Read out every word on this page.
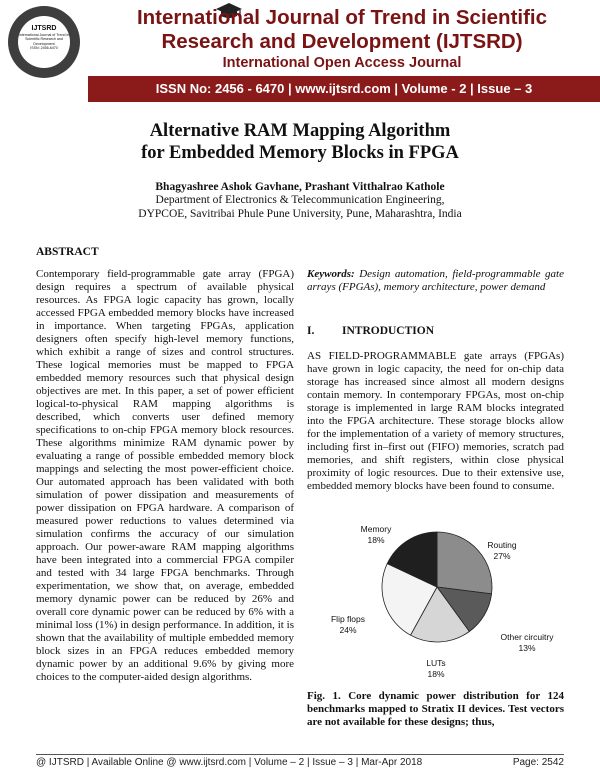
IJTSRD
International Journal of Trend in Scientific Research and Development
ISSN: 2456-6470
International Journal of Trend in Scientific
Research and Development (IJTSRD)
International Open Access Journal
ISSN No: 2456 - 6470 | www.ijtsrd.com | Volume - 2 | Issue – 3
Alternative RAM Mapping Algorithm
for Embedded Memory Blocks in FPGA
Bhagyashree Ashok Gavhane, Prashant Vitthalrao Kathole
Department of Electronics & Telecommunication Engineering,
DYPCOE, Savitribai Phule Pune University, Pune, Maharashtra, India
ABSTRACT
Contemporary field-programmable gate array (FPGA) design requires a spectrum of available physical resources. As FPGA logic capacity has grown, locally accessed FPGA embedded memory blocks have increased in importance. When targeting FPGAs, application designers often specify high-level memory functions, which exhibit a range of sizes and control structures. These logical memories must be mapped to FPGA embedded memory resources such that physical design objectives are met. In this paper, a set of power efficient logical-to-physical RAM mapping algorithms is described, which converts user defined memory specifications to on-chip FPGA memory block resources. These algorithms minimize RAM dynamic power by evaluating a range of possible embedded memory block mappings and selecting the most power-efficient choice. Our automated approach has been validated with both simulation of power dissipation and measurements of power dissipation on FPGA hardware. A comparison of measured power reductions to values determined via simulation confirms the accuracy of our simulation approach. Our power-aware RAM mapping algorithms have been integrated into a commercial FPGA compiler and tested with 34 large FPGA benchmarks. Through experimentation, we show that, on average, embedded memory dynamic power can be reduced by 26% and overall core dynamic power can be reduced by 6% with a minimal loss (1%) in design performance. In addition, it is shown that the availability of multiple embedded memory block sizes in an FPGA reduces embedded memory dynamic power by an additional 9.6% by giving more choices to the computer-aided design algorithms.
Keywords: Design automation, field-programmable gate arrays (FPGAs), memory architecture, power demand
I. INTRODUCTION
AS FIELD-PROGRAMMABLE gate arrays (FPGAs) have grown in logic capacity, the need for on-chip data storage has increased since almost all modern designs contain memory. In contemporary FPGAs, most on-chip storage is implemented in large RAM blocks integrated into the FPGA architecture. These storage blocks allow for the implementation of a variety of memory structures, including first in–first out (FIFO) memories, scratch pad memories, and shift registers, within close physical proximity of logic resources. Due to their extensive use, embedded memory blocks have been found to consume.
Routing
27%
Other circuitry
13%
LUTs
18%
Flip flops
24%
Memory
18%
Fig. 1. Core dynamic power distribution for 124 benchmarks mapped to Stratix II devices. Test vectors are not available for these designs; thus,
@ IJTSRD | Available Online @ www.ijtsrd.com | Volume – 2 | Issue – 3 | Mar-Apr 2018	Page: 2542
